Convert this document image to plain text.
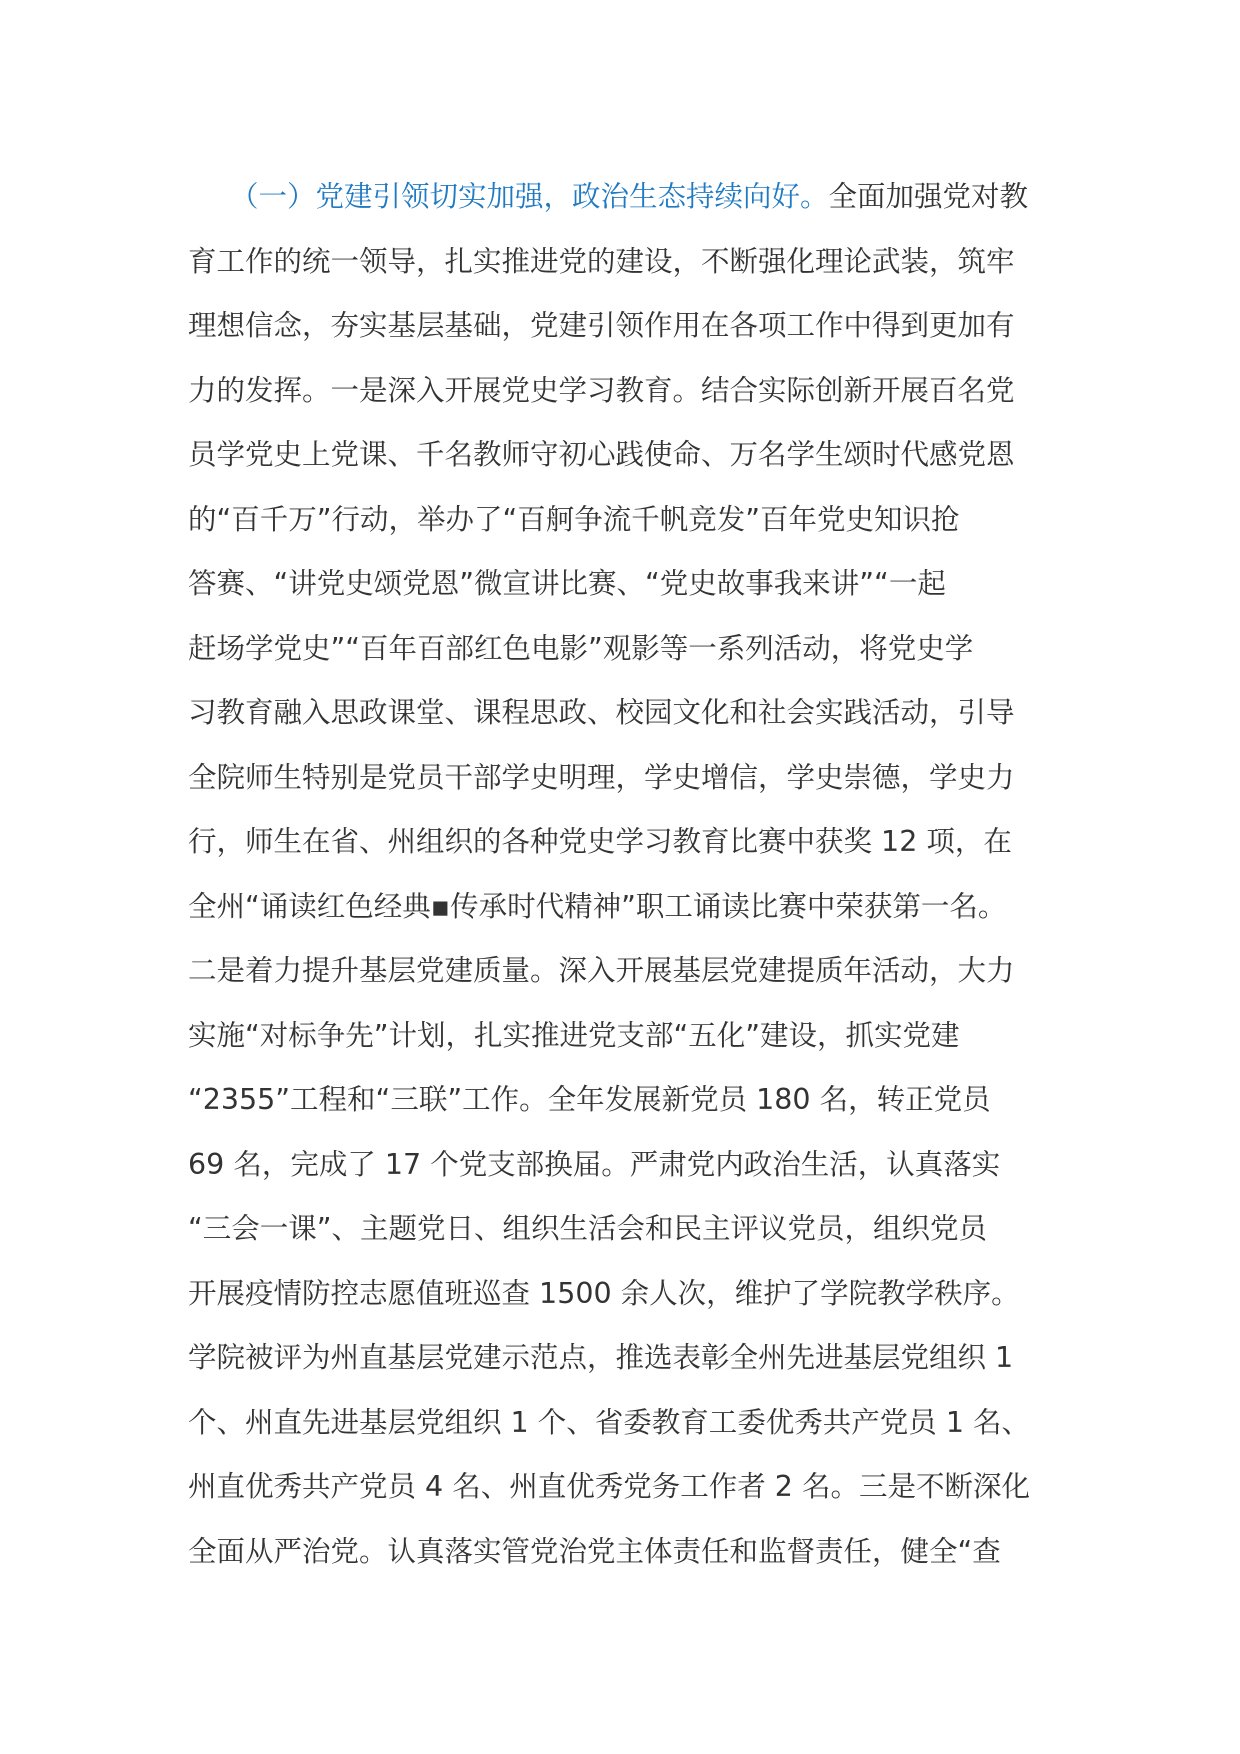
（一）党建引领切实加强，政治生态持续向好。全面加强党对教
育工作的统一领导，扎实推进党的建设，不断强化理论武装，筑牢
理想信念，夯实基层基础，党建引领作用在各项工作中得到更加有
力的发挥。一是深入开展党史学习教育。结合实际创新开展百名党
员学党史上党课、千名教师守初心践使命、万名学生颂时代感党恩
的“百千万”行动，举办了“百舸争流千帆竞发”百年党史知识抢
答赛、“讲党史颂党恩”微宣讲比赛、“党史故事我来讲”“一起
赶场学党史”“百年百部红色电影”观影等一系列活动，将党史学
习教育融入思政课堂、课程思政、校园文化和社会实践活动，引导
全院师生特别是党员干部学史明理，学史增信，学史崇德，学史力
行，师生在省、州组织的各种党史学习教育比赛中获奖 12 项，在
全州“诵读红色经典▪传承时代精神”职工诵读比赛中荣获第一名。
二是着力提升基层党建质量。深入开展基层党建提质年活动，大力
实施“对标争先”计划，扎实推进党支部“五化”建设，抓实党建
“2355”工程和“三联”工作。全年发展新党员 180 名，转正党员
69 名，完成了 17 个党支部换届。严肃党内政治生活，认真落实
“三会一课”、主题党日、组织生活会和民主评议党员，组织党员
开展疫情防控志愿值班巡查 1500 余人次，维护了学院教学秩序。
学院被评为州直基层党建示范点，推选表彰全州先进基层党组织 1
个、州直先进基层党组织 1 个、省委教育工委优秀共产党员 1 名、
州直优秀共产党员 4 名、州直优秀党务工作者 2 名。三是不断深化
全面从严治党。认真落实管党治党主体责任和监督责任，健全“查
